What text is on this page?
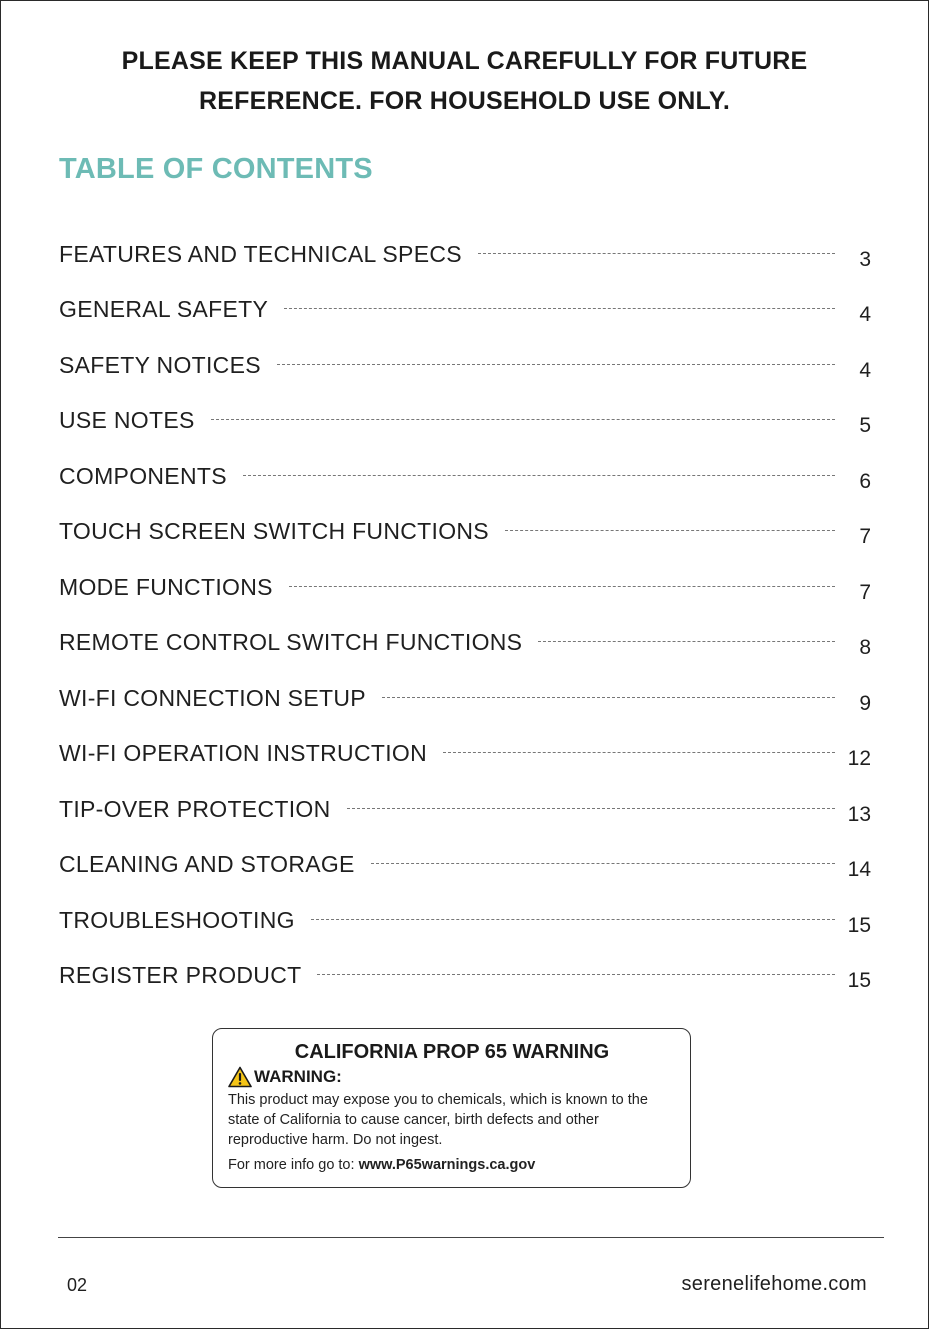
PLEASE KEEP THIS MANUAL CAREFULLY FOR FUTURE
REFERENCE. FOR HOUSEHOLD USE ONLY.
TABLE OF CONTENTS
FEATURES AND TECHNICAL SPECS	3
GENERAL SAFETY	4
SAFETY NOTICES	4
USE NOTES	5
COMPONENTS	6
TOUCH SCREEN SWITCH FUNCTIONS	7
MODE FUNCTIONS	7
REMOTE CONTROL SWITCH FUNCTIONS	8
WI-FI CONNECTION SETUP	9
WI-FI OPERATION INSTRUCTION	12
TIP-OVER PROTECTION	13
CLEANING AND STORAGE	14
TROUBLESHOOTING	15
REGISTER PRODUCT	15
CALIFORNIA PROP 65 WARNING
WARNING:
This product may expose you to chemicals, which is known to the state of California to cause cancer, birth defects and other reproductive harm. Do not ingest.
For more info go to: www.P65warnings.ca.gov
02	serenelifehome.com
